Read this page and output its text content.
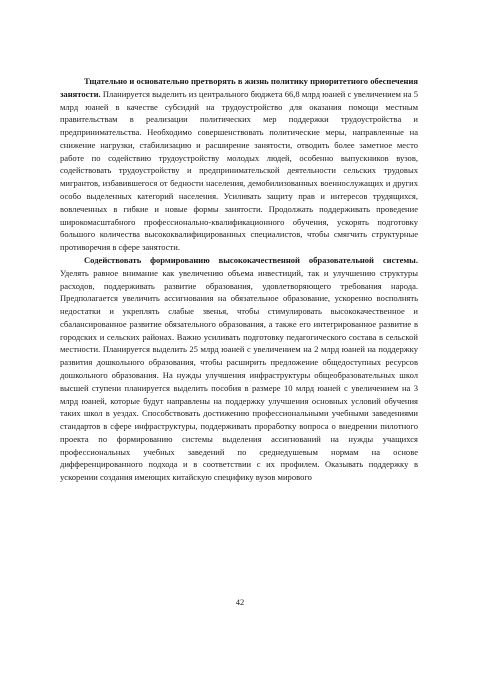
Тщательно и основательно претворять в жизнь политику приоритетного обеспечения занятости. Планируется выделить из центрального бюджета 66,8 млрд юаней с увеличением на 5 млрд юаней в качестве субсидий на трудоустройство для оказания помощи местным правительствам в реализации политических мер поддержки трудоустройства и предпринимательства. Необходимо совершенствовать политические меры, направленные на снижение нагрузки, стабилизацию и расширение занятости, отводить более заметное место работе по содействию трудоустройству молодых людей, особенно выпускников вузов, содействовать трудоустройству и предпринимательской деятельности сельских трудовых мигрантов, избавившегося от бедности населения, демобилизованных военнослужащих и других особо выделенных категорий населения. Усиливать защиту прав и интересов трудящихся, вовлеченных в гибкие и новые формы занятости. Продолжать поддерживать проведение широкомасштабного профессионально-квалификационного обучения, ускорять подготовку большого количества высококвалифицированных специалистов, чтобы смягчить структурные противоречия в сфере занятости.

Содействовать формированию высококачественной образовательной системы. Уделять равное внимание как увеличению объема инвестиций, так и улучшению структуры расходов, поддерживать развитие образования, удовлетворяющего требования народа. Предполагается увеличить ассигнования на обязательное образование, ускоренно восполнять недостатки и укреплять слабые звенья, чтобы стимулировать высококачественное и сбалансированное развитие обязательного образования, а также его интегрированное развитие в городских и сельских районах. Важно усиливать подготовку педагогического состава в сельской местности. Планируется выделить 25 млрд юаней с увеличением на 2 млрд юаней на поддержку развития дошкольного образования, чтобы расширить предложение общедоступных ресурсов дошкольного образования. На нужды улучшения инфраструктуры общеобразовательных школ высшей ступени планируется выделить пособия в размере 10 млрд юаней с увеличением на 3 млрд юаней, которые будут направлены на поддержку улучшения основных условий обучения таких школ в уездах. Способствовать достижению профессиональными учебными заведениями стандартов в сфере инфраструктуры, поддерживать проработку вопроса о внедрении пилотного проекта по формированию системы выделения ассигнований на нужды учащихся профессиональных учебных заведений по среднедушевым нормам на основе дифференцированного подхода и в соответствии с их профилем. Оказывать поддержку в ускорении создания имеющих китайскую специфику вузов мирового

42
